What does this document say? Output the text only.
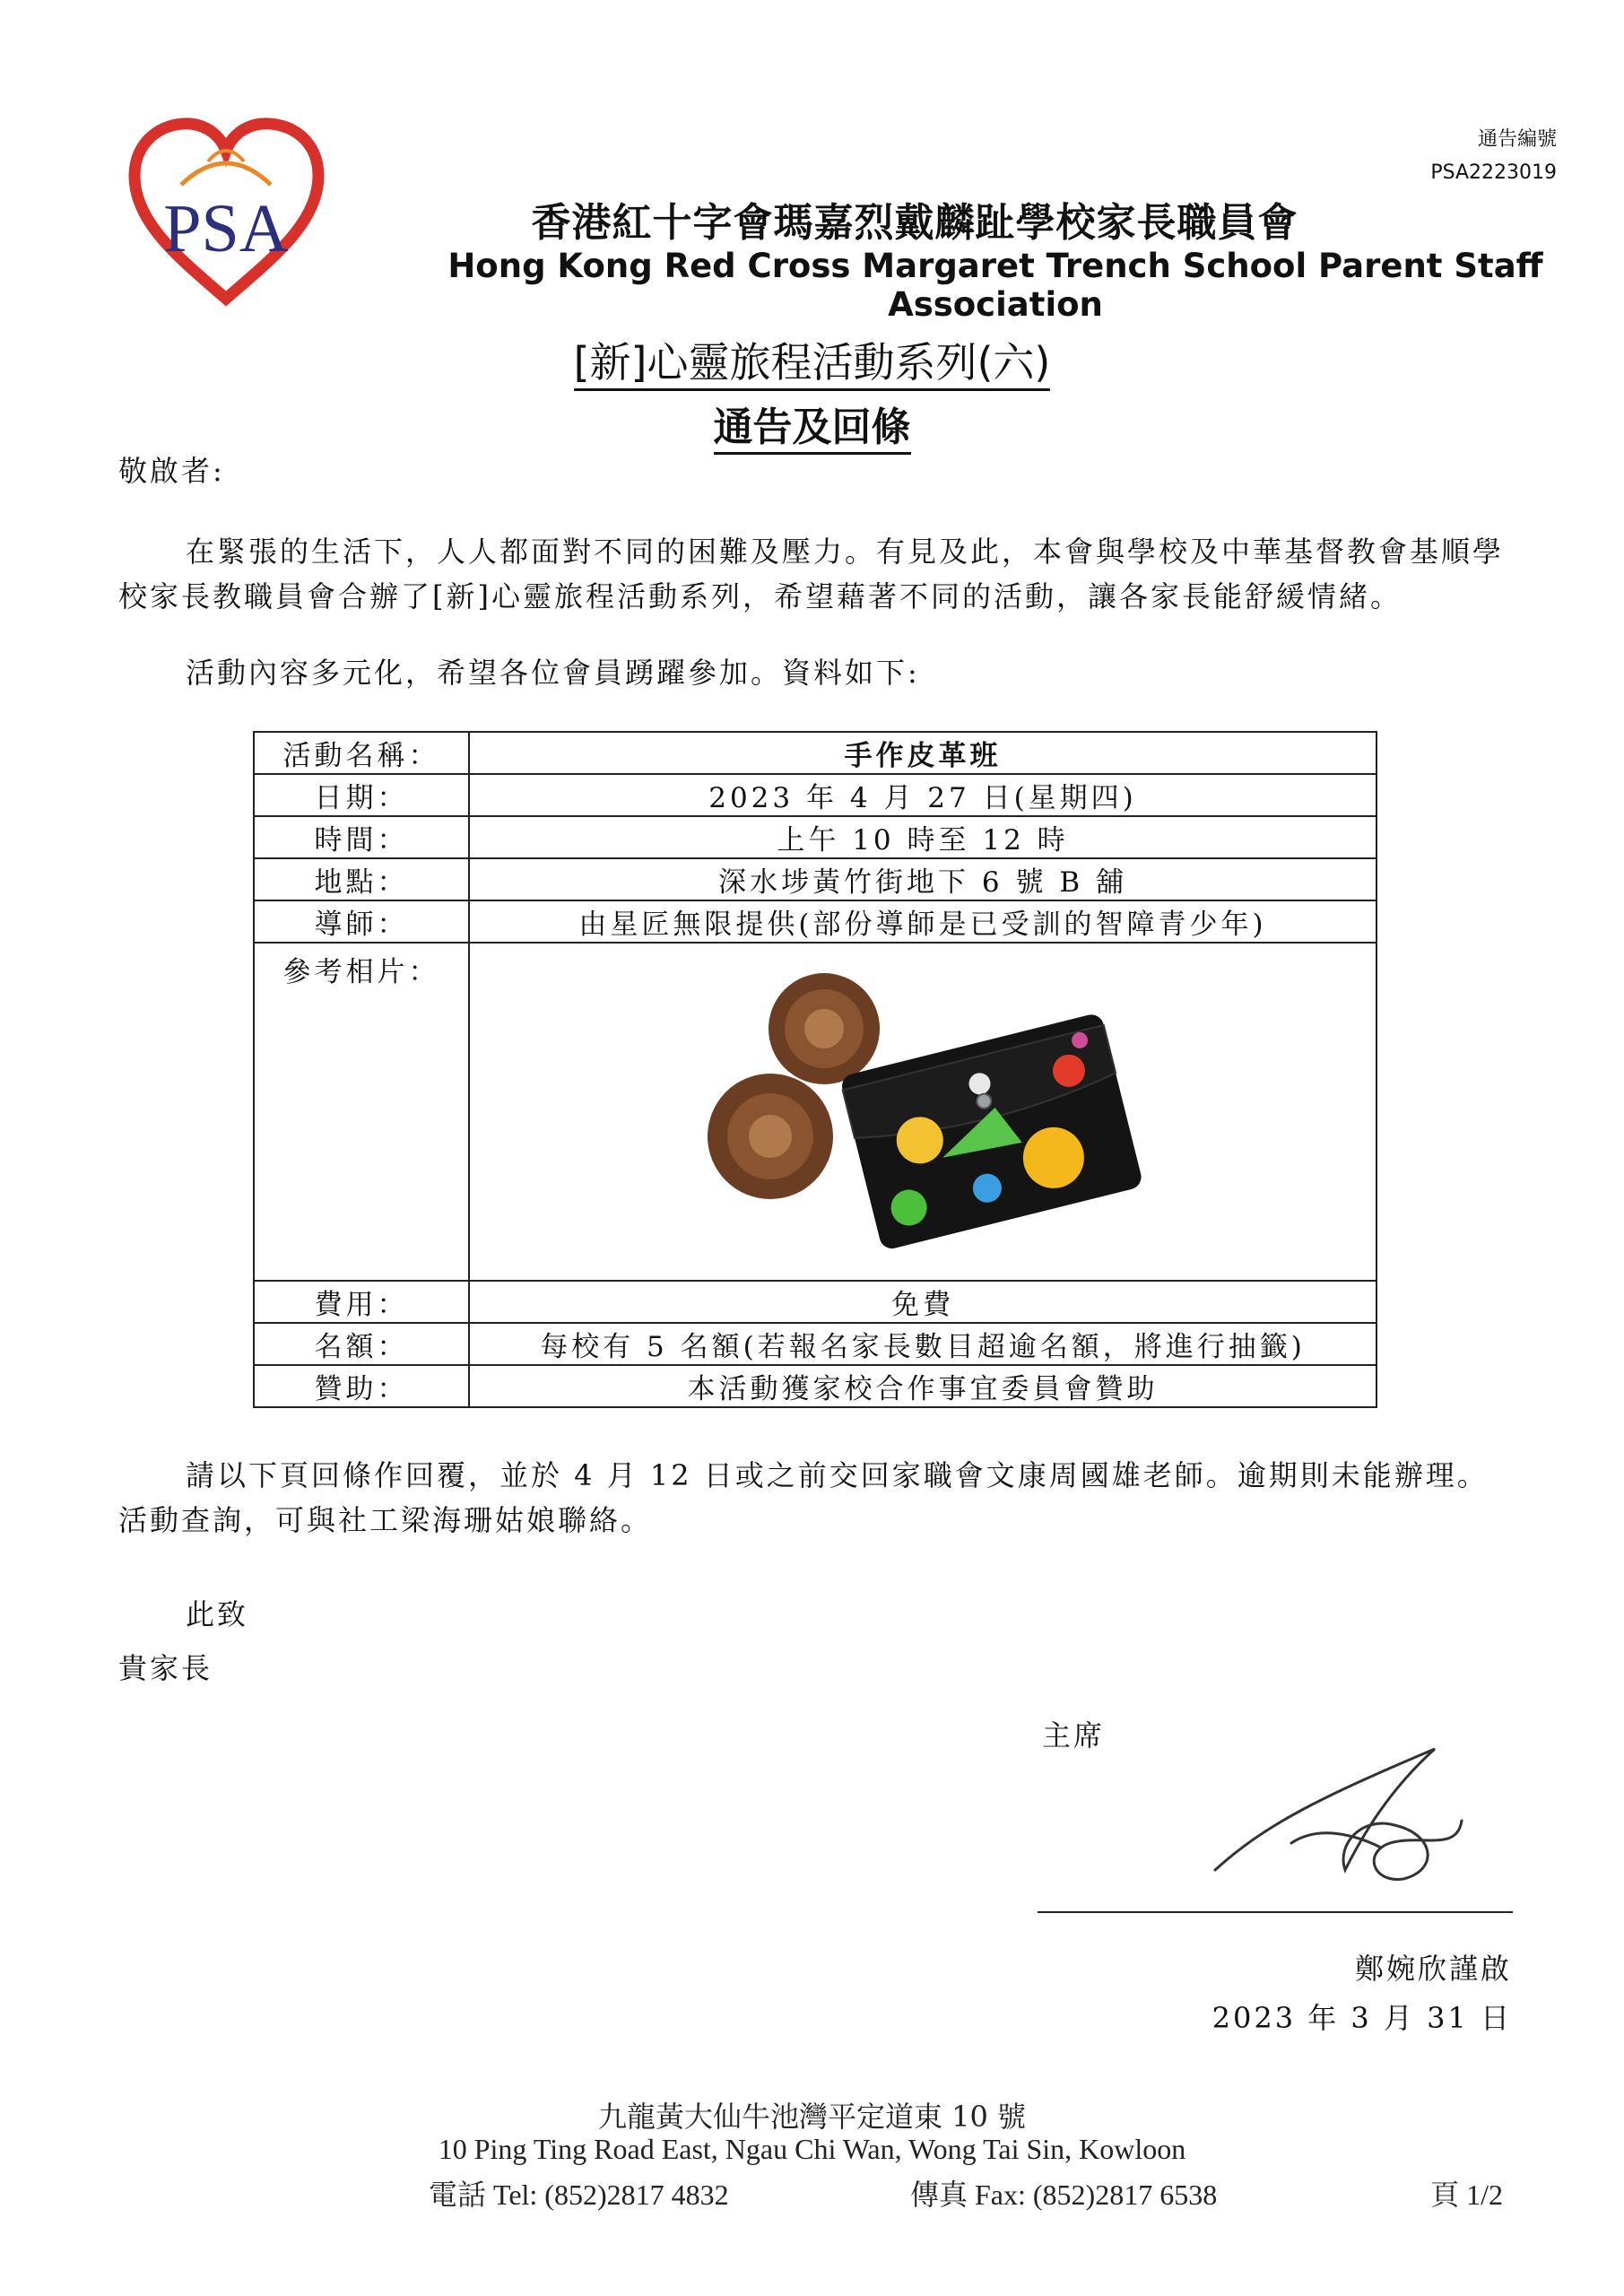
PSA
通告編號
PSA2223019
香港紅十字會瑪嘉烈戴麟趾學校家長職員會
Hong Kong Red Cross Margaret Trench School Parent Staff Association
[新]心靈旅程活動系列(六)
通告及回條
敬啟者:
在緊張的生活下，人人都面對不同的困難及壓力。有見及此，本會與學校及中華基督教會基順學校家長教職員會合辦了[新]心靈旅程活動系列，希望藉著不同的活動，讓各家長能舒緩情緒。
活動內容多元化，希望各位會員踴躍參加。資料如下:
活動名稱：	手作皮革班
日期：	2023 年 4 月 27 日(星期四)
時間：	上午 10 時至 12 時
地點：	深水埗黃竹街地下 6 號 B 舖
導師：	由星匠無限提供(部份導師是已受訓的智障青少年)
參考相片：	

費用：	免費
名額：	每校有 5 名額(若報名家長數目超逾名額，將進行抽籤)
贊助：	本活動獲家校合作事宜委員會贊助
請以下頁回條作回覆，並於 4 月 12 日或之前交回家職會文康周國雄老師。逾期則未能辦理。活動查詢，可與社工梁海珊姑娘聯絡。
此致
貴家長
主席
鄭婉欣謹啟
2023 年 3 月 31 日
九龍黃大仙牛池灣平定道東 10 號
10 Ping Ting Road East, Ngau Chi Wan, Wong Tai Sin, Kowloon
電話 Tel: (852)2817 4832	傳真 Fax: (852)2817 6538	頁 1/2
